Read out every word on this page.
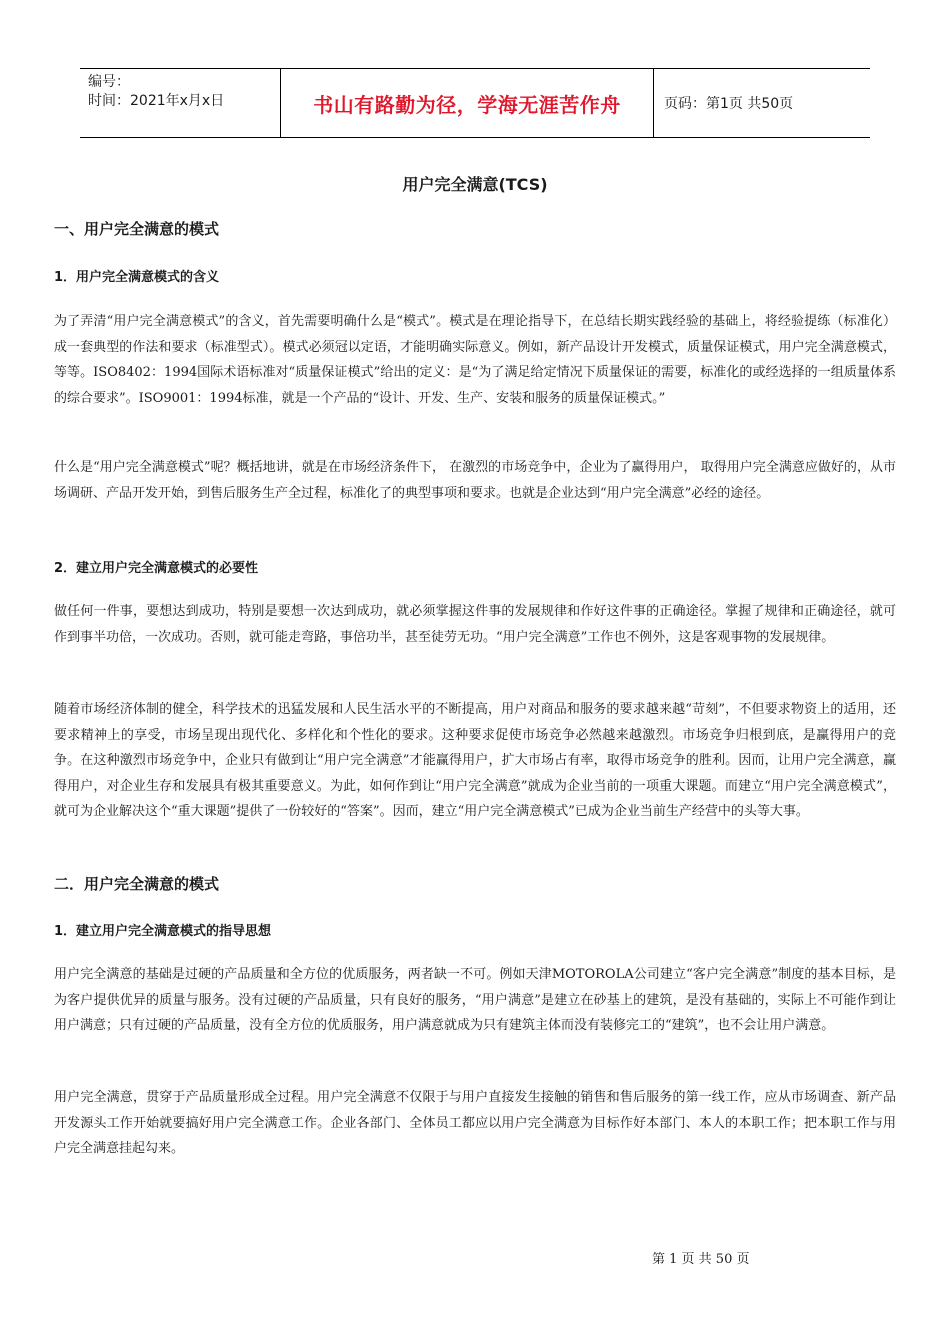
编号：
时间：2021年x月x日	书山有路勤为径，学海无涯苦作舟	页码：第1页 共50页
用户完全满意(TCS)
一、用户完全满意的模式
1．用户完全满意模式的含义
为了弄清“用户完全满意模式”的含义，首先需要明确什么是“模式”。模式是在理论指导下，在总结长期实践经验的基础上，将经验提练（标准化）成一套典型的作法和要求（标准型式）。模式必须冠以定语，才能明确实际意义。例如，新产品设计开发模式，质量保证模式，用户完全满意模式，等等。ISO8402：1994国际术语标准对“质量保证模式”给出的定义：是“为了满足给定情况下质量保证的需要，标准化的或经选择的一组质量体系的综合要求”。ISO9001：1994标准，就是一个产品的“设计、开发、生产、安装和服务的质量保证模式。”
什么是“用户完全满意模式”呢？概括地讲，就是在市场经济条件下， 在激烈的市场竞争中，企业为了赢得用户， 取得用户完全满意应做好的，从市场调研、产品开发开始，到售后服务生产全过程，标准化了的典型事项和要求。也就是企业达到“用户完全满意”必经的途径。
2．建立用户完全满意模式的必要性
做任何一件事，要想达到成功，特别是要想一次达到成功，就必须掌握这件事的发展规律和作好这件事的正确途径。掌握了规律和正确途径，就可作到事半功倍，一次成功。否则，就可能走弯路，事倍功半，甚至徒劳无功。“用户完全满意”工作也不例外，这是客观事物的发展规律。
随着市场经济体制的健全，科学技术的迅猛发展和人民生活水平的不断提高，用户对商品和服务的要求越来越“苛刻”，不但要求物资上的适用，还要求精神上的享受，市场呈现出现代化、多样化和个性化的要求。这种要求促使市场竞争必然越来越激烈。市场竞争归根到底，是赢得用户的竞争。在这种激烈市场竞争中，企业只有做到让“用户完全满意”才能赢得用户，扩大市场占有率，取得市场竞争的胜利。因而，让用户完全满意，赢得用户，对企业生存和发展具有极其重要意义。为此，如何作到让“用户完全满意”就成为企业当前的一项重大课题。而建立“用户完全满意模式”，就可为企业解决这个“重大课题”提供了一份较好的“答案”。因而，建立“用户完全满意模式”已成为企业当前生产经营中的头等大事。
二．用户完全满意的模式
1．建立用户完全满意模式的指导思想
用户完全满意的基础是过硬的产品质量和全方位的优质服务，两者缺一不可。例如天津MOTOROLA公司建立“客户完全满意”制度的基本目标，是为客户提供优异的质量与服务。没有过硬的产品质量，只有良好的服务，“用户满意”是建立在砂基上的建筑，是没有基础的，实际上不可能作到让用户满意；只有过硬的产品质量，没有全方位的优质服务，用户满意就成为只有建筑主体而没有装修完工的“建筑”，也不会让用户满意。
用户完全满意，贯穿于产品质量形成全过程。用户完全满意不仅限于与用户直接发生接触的销售和售后服务的第一线工作，应从市场调查、新产品开发源头工作开始就要搞好用户完全满意工作。企业各部门、全体员工都应以用户完全满意为目标作好本部门、本人的本职工作；把本职工作与用户完全满意挂起勾来。
第 1 页 共 50 页
